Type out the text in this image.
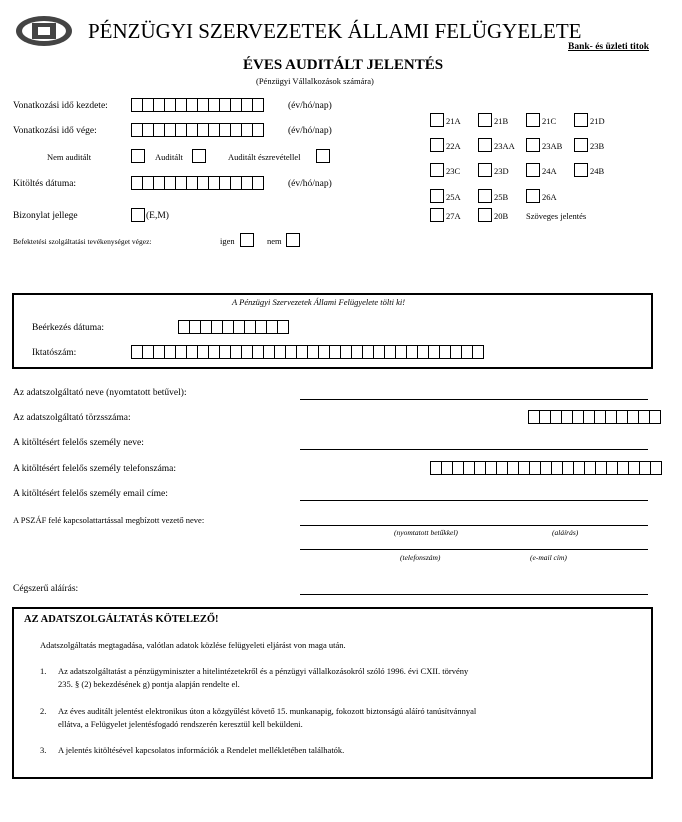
PÉNZÜGYI SZERVEZETEK ÁLLAMI FELÜGYELETE
Bank- és üzleti titok
ÉVES AUDITÁLT JELENTÉS
(Pénzügyi Vállalkozások számára)
Vonatkozási idő kezdete:	(év/hó/nap)
Vonatkozási idő vége:	(év/hó/nap)
Nem auditált	Auditált	Auditált észrevétellel
Kitöltés dátuma:	(év/hó/nap)
Bizonylat jellege	(E,M)
Befektetési szolgáltatási tevékenységet végez:	igen	nem
21A	21B	21C	21D
22A	23AA	23AB	23B
23C	23D	24A	24B
25A	25B	26A
27A	20B Szöveges jelentés
A Pénzügyi Szervezetek Állami Felügyelete tölti ki!
Beérkezés dátuma:
Iktatószám:
Az adatszolgáltató neve (nyomtatott betűvel):
Az adatszolgáltató törzsszáma:
A kitöltésért felelős személy neve:
A kitöltésért felelős személy telefonszáma:
A kitöltésért felelős személy email címe:
A PSZÁF felé kapcsolattartással megbízott vezető neve:
(nyomtatott betűkkel)	(aláírás)
(telefonszám)	(e-mail cím)
Cégszerű aláírás:
AZ ADATSZOLGÁLTATÁS KÖTELEZŐ!
Adatszolgáltatás megtagadása, valótlan adatok közlése felügyeleti eljárást von maga után.
1. Az adatszolgáltatást a pénzügyminiszter a hitelintézetekről és a pénzügyi vállalkozásokról szóló 1996. évi CXII. törvény
235. § (2) bekezdésének g) pontja alapján rendelte el.
2. Az éves auditált jelentést elektronikus úton a közgyűlést követő 15. munkanapig, fokozott biztonságú aláíró tanúsítvánnyal
ellátva, a Felügyelet jelentésfogadó rendszerén keresztül kell beküldeni.
3. A jelentés kitöltésével kapcsolatos információk a Rendelet mellékletében találhatók.
